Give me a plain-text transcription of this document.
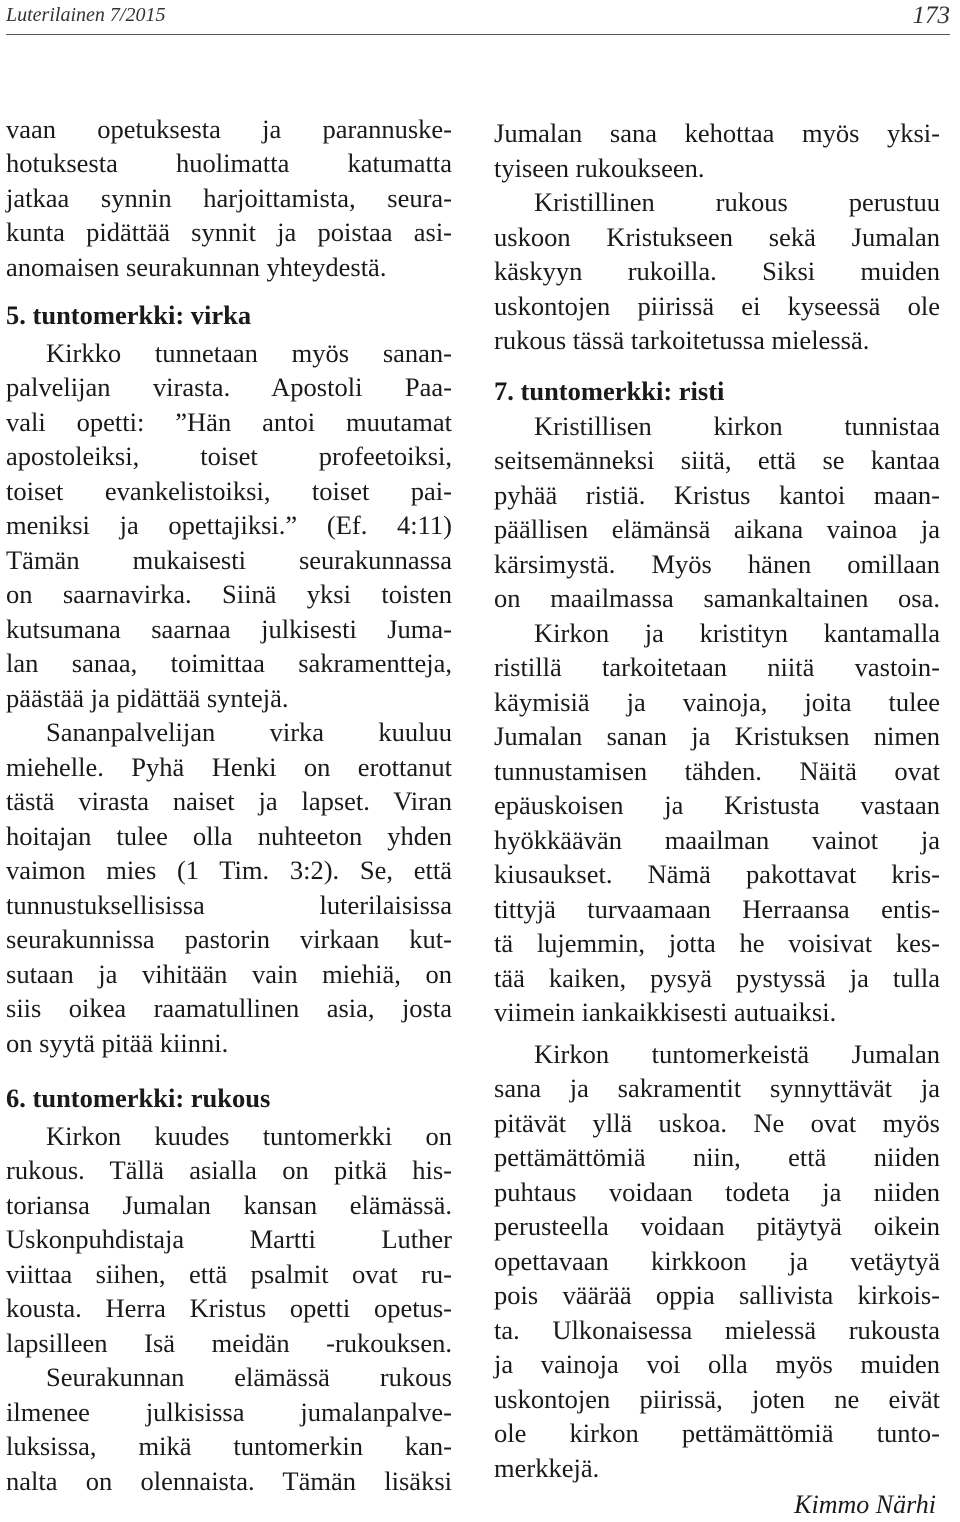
Luterilainen 7/2015	173
vaan opetuksesta ja parannuske-
hotuksesta huolimatta katumatta
jatkaa synnin harjoittamista, seura-
kunta pidättää synnit ja poistaa asi-
anomaisen seurakunnan yhteydestä.
5. tuntomerkki: virka
Kirkko tunnetaan myös sanan-
palvelijan virasta. Apostoli Paa-
vali opetti: ”Hän antoi muutamat
apostoleiksi, toiset profeetoiksi,
toiset evankelistoiksi, toiset pai-
meniksi ja opettajiksi.” (Ef. 4:11)
Tämän mukaisesti seurakunnassa
on saarnavirka. Siinä yksi toisten
kutsumana saarnaa julkisesti Juma-
lan sanaa, toimittaa sakramentteja,
päästää ja pidättää syntejä.
Sananpalvelijan virka kuuluu
miehelle. Pyhä Henki on erottanut
tästä virasta naiset ja lapset. Viran
hoitajan tulee olla nuhteeton yhden
vaimon mies (1 Tim. 3:2). Se, että
tunnustuksellisissa luterilaisissa
seurakunnissa pastorin virkaan kut-
sutaan ja vihitään vain miehiä, on
siis oikea raamatullinen asia, josta
on syytä pitää kiinni.
6. tuntomerkki: rukous
Kirkon kuudes tuntomerkki on
rukous. Tällä asialla on pitkä his-
toriansa Jumalan kansan elämässä.
Uskonpuhdistaja Martti Luther
viittaa siihen, että psalmit ovat ru-
kousta. Herra Kristus opetti opetus-
lapsilleen Isä meidän -rukouksen.
Seurakunnan elämässä rukous
ilmenee julkisissa jumalanpalve-
luksissa, mikä tuntomerkin kan-
nalta on olennaista. Tämän lisäksi
Jumalan sana kehottaa myös yksi-
tyiseen rukoukseen.
Kristillinen rukous perustuu
uskoon Kristukseen sekä Jumalan
käskyyn rukoilla. Siksi muiden
uskontojen piirissä ei kyseessä ole
rukous tässä tarkoitetussa mielessä.
7. tuntomerkki: risti
Kristillisen kirkon tunnistaa
seitsemänneksi siitä, että se kantaa
pyhää ristiä. Kristus kantoi maan-
päällisen elämänsä aikana vainoa ja
kärsimystä. Myös hänen omillaan
on maailmassa samankaltainen osa.
Kirkon ja kristityn kantamalla
ristillä tarkoitetaan niitä vastoin-
käymisiä ja vainoja, joita tulee
Jumalan sanan ja Kristuksen nimen
tunnustamisen tähden. Näitä ovat
epäuskoisen ja Kristusta vastaan
hyökkäävän maailman vainot ja
kiusaukset. Nämä pakottavat kris-
tittyjä turvaamaan Herraansa entis-
tä lujemmin, jotta he voisivat kes-
tää kaiken, pysyä pystyssä ja tulla
viimein iankaikkisesti autuaiksi.
Kirkon tuntomerkeistä Jumalan
sana ja sakramentit synnyttävät ja
pitävät yllä uskoa. Ne ovat myös
pettämättömiä niin, että niiden
puhtaus voidaan todeta ja niiden
perusteella voidaan pitäytyä oikein
opettavaan kirkkoon ja vetäytyä
pois väärää oppia sallivista kirkois-
ta. Ulkonaisessa mielessä rukousta
ja vainoja voi olla myös muiden
uskontojen piirissä, joten ne eivät
ole kirkon pettämättömiä tunto-
merkkejä.
Kimmo Närhi
